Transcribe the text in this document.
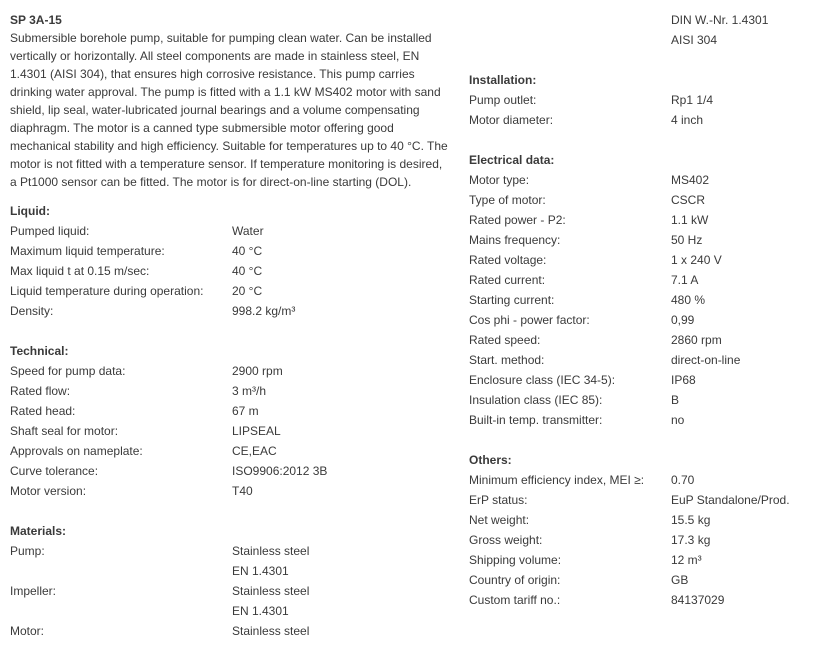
SP 3A-15
Submersible borehole pump, suitable for pumping clean water. Can be installed vertically or horizontally. All steel components are made in stainless steel, EN 1.4301 (AISI 304), that ensures high corrosive resistance. This pump carries drinking water approval. The pump is fitted with a 1.1 kW MS402 motor with sand shield, lip seal, water-lubricated journal bearings and a volume compensating diaphragm. The motor is a canned type submersible motor offering good mechanical stability and high efficiency. Suitable for temperatures up to 40 °C. The motor is not fitted with a temperature sensor. If temperature monitoring is desired, a Pt1000 sensor can be fitted. The motor is for direct-on-line starting (DOL).
Liquid:
Pumped liquid:	Water
Maximum liquid temperature:	40 °C
Max liquid t at 0.15 m/sec:	40 °C
Liquid temperature during operation:	20 °C
Density:	998.2 kg/m³
Technical:
Speed for pump data:	2900 rpm
Rated flow:	3 m³/h
Rated head:	67 m
Shaft seal for motor:	LIPSEAL
Approvals on nameplate:	CE,EAC
Curve tolerance:	ISO9906:2012 3B
Motor version:	T40
Materials:
Pump:	Stainless steel
EN 1.4301
Impeller:	Stainless steel
EN 1.4301
Motor:	Stainless steel
DIN W.-Nr. 1.4301
AISI 304
Installation:
Pump outlet:	Rp1 1/4
Motor diameter:	4 inch
Electrical data:
Motor type:	MS402
Type of motor:	CSCR
Rated power - P2:	1.1 kW
Mains frequency:	50 Hz
Rated voltage:	1 x 240 V
Rated current:	7.1 A
Starting current:	480 %
Cos phi - power factor:	0,99
Rated speed:	2860 rpm
Start. method:	direct-on-line
Enclosure class (IEC 34-5):	IP68
Insulation class (IEC 85):	B
Built-in temp. transmitter:	no
Others:
Minimum efficiency index, MEI ≥:	0.70
ErP status:	EuP Standalone/Prod.
Net weight:	15.5 kg
Gross weight:	17.3 kg
Shipping volume:	12 m³
Country of origin:	GB
Custom tariff no.:	84137029
